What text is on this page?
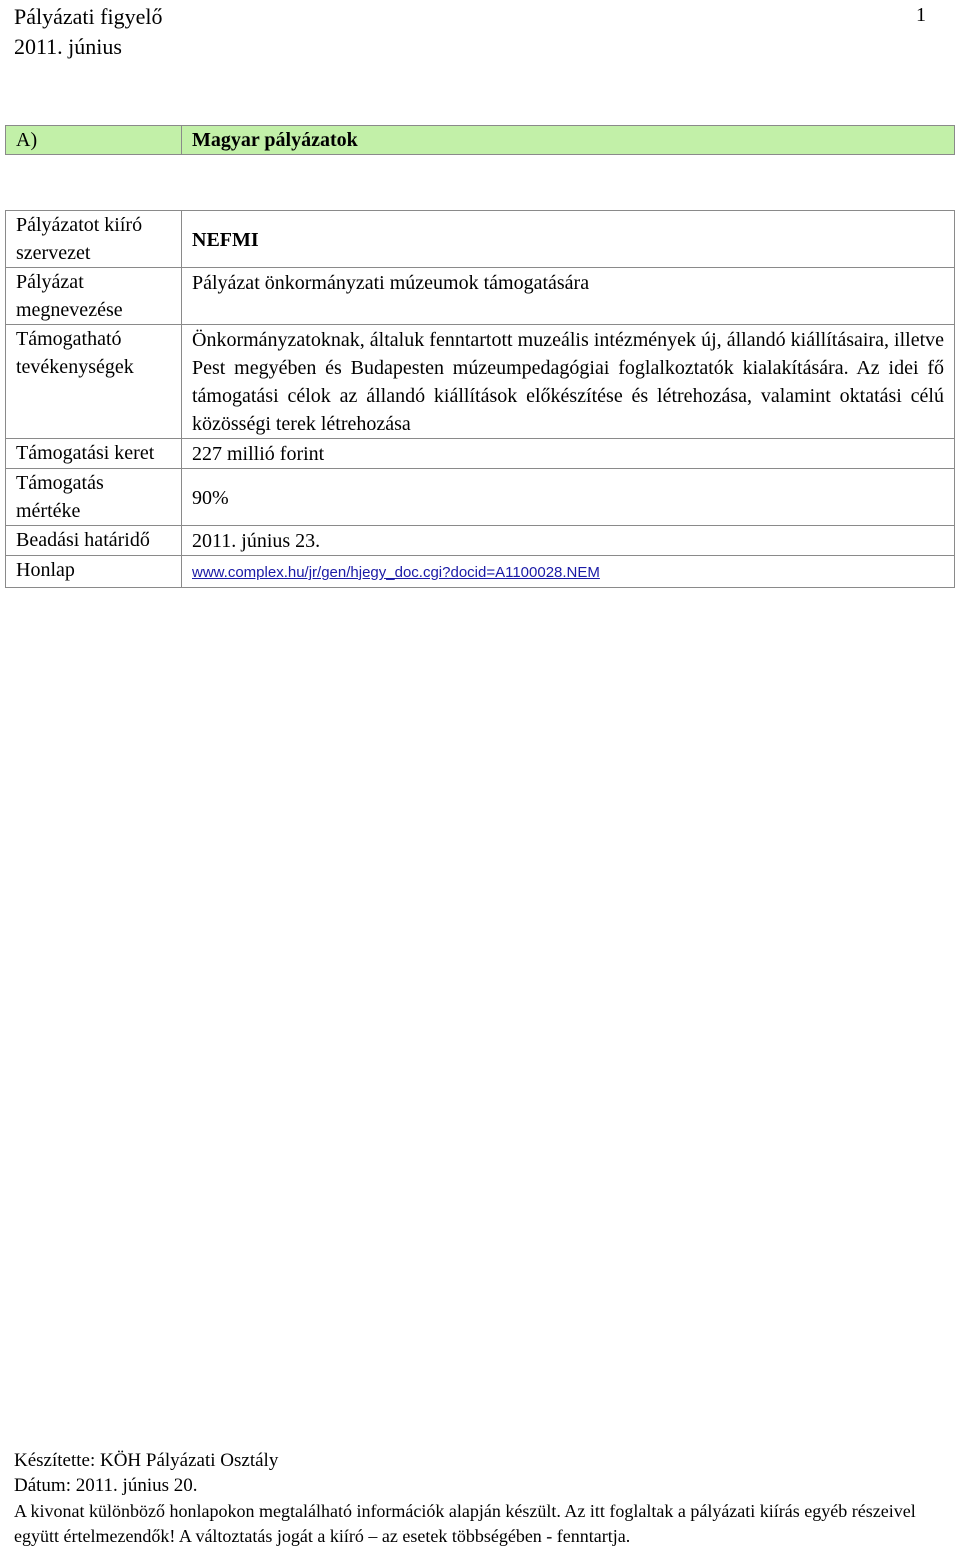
Pályázati figyelő
2011. június
1
A)	Magyar pályázatok
Pályázatot kiíró szervezet	NEFMI
Pályázat megnevezése	Pályázat önkormányzati múzeumok támogatására
Támogatható tevékenységek	Önkormányzatoknak, általuk fenntartott muzeális intézmények új, állandó kiállításaira, illetve Pest megyében és Budapesten múzeumpedagógiai foglalkoztatók kialakítására. Az idei fő támogatási célok az állandó kiállítások előkészítése és létrehozása, valamint oktatási célú közösségi terek létrehozása
Támogatási keret	227 millió forint
Támogatás mértéke	90%
Beadási határidő	2011. június 23.
Honlap	www.complex.hu/jr/gen/hjegy_doc.cgi?docid=A1100028.NEM
Készítette: KÖH Pályázati Osztály
Dátum: 2011. június 20.
A kivonat különböző honlapokon megtalálható információk alapján készült. Az itt foglaltak a pályázati kiírás egyéb részeivel együtt értelmezendők! A változtatás jogát a kiíró – az esetek többségében - fenntartja.
